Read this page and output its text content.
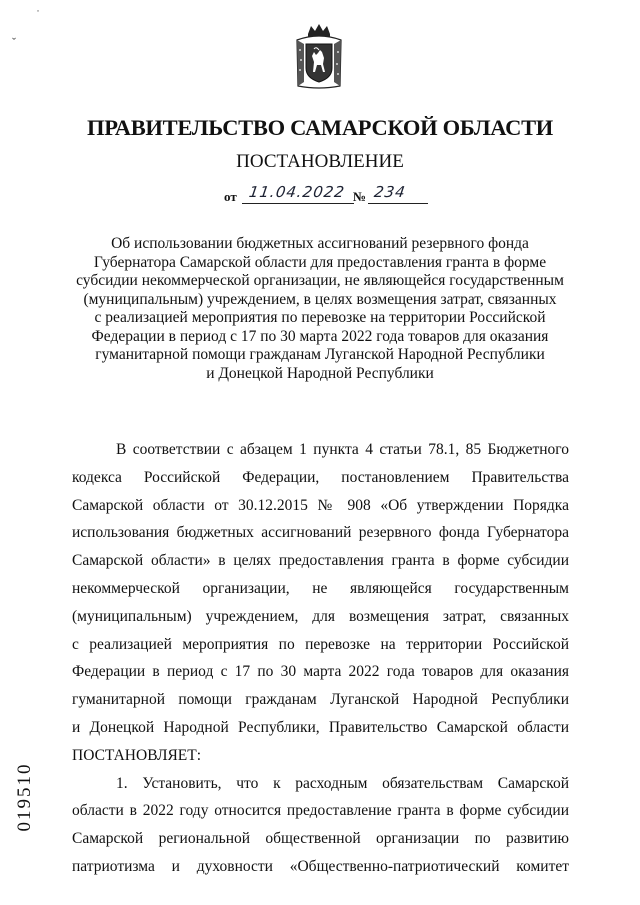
˙
ˇ
ПРАВИТЕЛЬСТВО САМАРСКОЙ ОБЛАСТИ
ПОСТАНОВЛЕНИЕ
от 11.04.2022 № 234
Об использовании бюджетных ассигнований резервного фонда
Губернатора Самарской области для предоставления гранта в форме
субсидии некоммерческой организации, не являющейся государственным
(муниципальным) учреждением, в целях возмещения затрат, связанных
с реализацией мероприятия по перевозке на территории Российской
Федерации в период с 17 по 30 марта 2022 года товаров для оказания
гуманитарной помощи гражданам Луганской Народной Республики
и Донецкой Народной Республики
В соответствии с абзацем 1 пункта 4 статьи 78.1, 85 Бюджетного
кодекса Российской Федерации, постановлением Правительства
Самарской области от 30.12.2015 № 908 «Об утверждении Порядка
использования бюджетных ассигнований резервного фонда Губернатора
Самарской области» в целях предоставления гранта в форме субсидии
некоммерческой организации, не являющейся государственным
(муниципальным) учреждением, для возмещения затрат, связанных
с реализацией мероприятия по перевозке на территории Российской
Федерации в период с 17 по 30 марта 2022 года товаров для оказания
гуманитарной помощи гражданам Луганской Народной Республики
и Донецкой Народной Республики, Правительство Самарской области
ПОСТАНОВЛЯЕТ:
1. Установить, что к расходным обязательствам Самарской
области в 2022 году относится предоставление гранта в форме субсидии
Самарской региональной общественной организации по развитию
патриотизма и духовности «Общественно-патриотический комитет
019510
